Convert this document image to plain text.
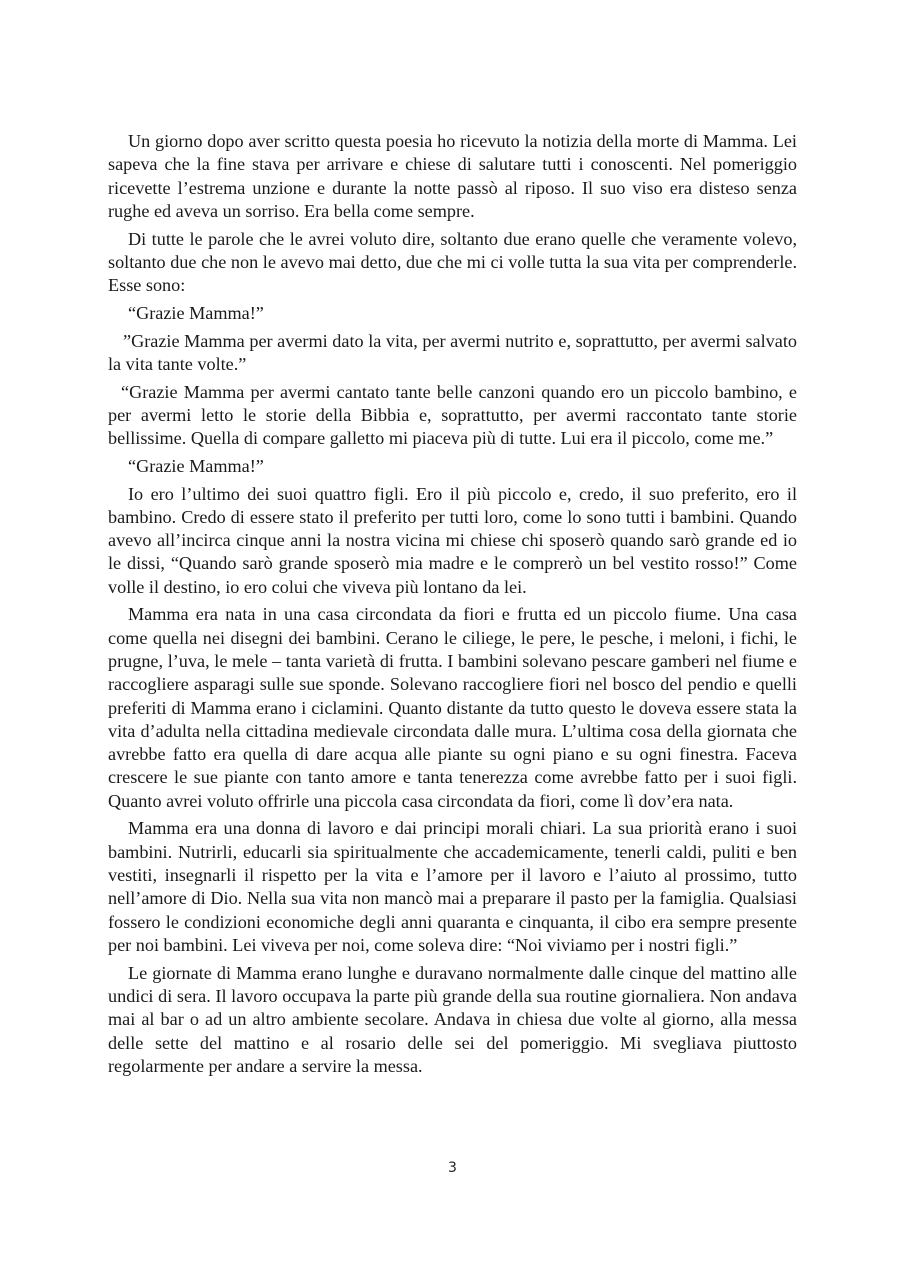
Un giorno dopo aver scritto questa poesia ho ricevuto la notizia della morte di Mamma. Lei sapeva che la fine stava per arrivare e chiese di salutare tutti i conoscenti. Nel pomeriggio ricevette l’estrema unzione e durante la notte passò al riposo. Il suo viso era disteso senza rughe ed aveva un sorriso. Era bella come sempre.

Di tutte le parole che le avrei voluto dire, soltanto due erano quelle che veramente volevo, soltanto due che non le avevo mai detto, due che mi ci volle tutta la sua vita per comprenderle. Esse sono:

“Grazie Mamma!”

”Grazie Mamma per avermi dato la vita, per avermi nutrito e, soprattutto, per avermi salvato la vita tante volte.”

“Grazie Mamma per avermi cantato tante belle canzoni quando ero un piccolo bambino, e per avermi letto le storie della Bibbia e, soprattutto, per avermi raccontato tante storie bellissime. Quella di compare galletto mi piaceva più di tutte. Lui era il piccolo, come me.”

“Grazie Mamma!”

Io ero l’ultimo dei suoi quattro figli. Ero il più piccolo e, credo, il suo preferito, ero il bambino. Credo di essere stato il preferito per tutti loro, come lo sono tutti i bambini. Quando avevo all’incirca cinque anni la nostra vicina mi chiese chi sposerò quando sarò grande ed io le dissi, “Quando sarò grande sposerò mia madre e le comprerò un bel vestito rosso!” Come volle il destino, io ero colui che viveva più lontano da lei.

Mamma era nata in una casa circondata da fiori e frutta ed un piccolo fiume. Una casa come quella nei disegni dei bambini. Cerano le ciliege, le pere, le pesche, i meloni, i fichi, le prugne, l’uva, le mele – tanta varietà di frutta. I bambini solevano pescare gamberi nel fiume e raccogliere asparagi sulle sue sponde. Solevano raccogliere fiori nel bosco del pendio e quelli preferiti di Mamma erano i ciclamini. Quanto distante da tutto questo le doveva essere stata la vita d’adulta nella cittadina medievale circondata dalle mura. L’ultima cosa della giornata che avrebbe fatto era quella di dare acqua alle piante su ogni piano e su ogni finestra. Faceva crescere le sue piante con tanto amore e tanta tenerezza come avrebbe fatto per i suoi figli. Quanto avrei voluto offrirle una piccola casa circondata da fiori, come lì dov’era nata.

Mamma era una donna di lavoro e dai principi morali chiari. La sua priorità erano i suoi bambini. Nutrirli, educarli sia spiritualmente che accademicamente, tenerli caldi, puliti e ben vestiti, insegnarli il rispetto per la vita e l’amore per il lavoro e l’aiuto al prossimo, tutto nell’amore di Dio. Nella sua vita non mancò mai a preparare il pasto per la famiglia. Qualsiasi fossero le condizioni economiche degli anni quaranta e cinquanta, il cibo era sempre presente per noi bambini. Lei viveva per noi, come soleva dire: “Noi viviamo per i nostri figli.”

Le giornate di Mamma erano lunghe e duravano normalmente dalle cinque del mattino alle undici di sera. Il lavoro occupava la parte più grande della sua routine giornaliera. Non andava mai al bar o ad un altro ambiente secolare. Andava in chiesa due volte al giorno, alla messa delle sette del mattino e al rosario delle sei del pomeriggio. Mi svegliava piuttosto regolarmente per andare a servire la messa.

3
